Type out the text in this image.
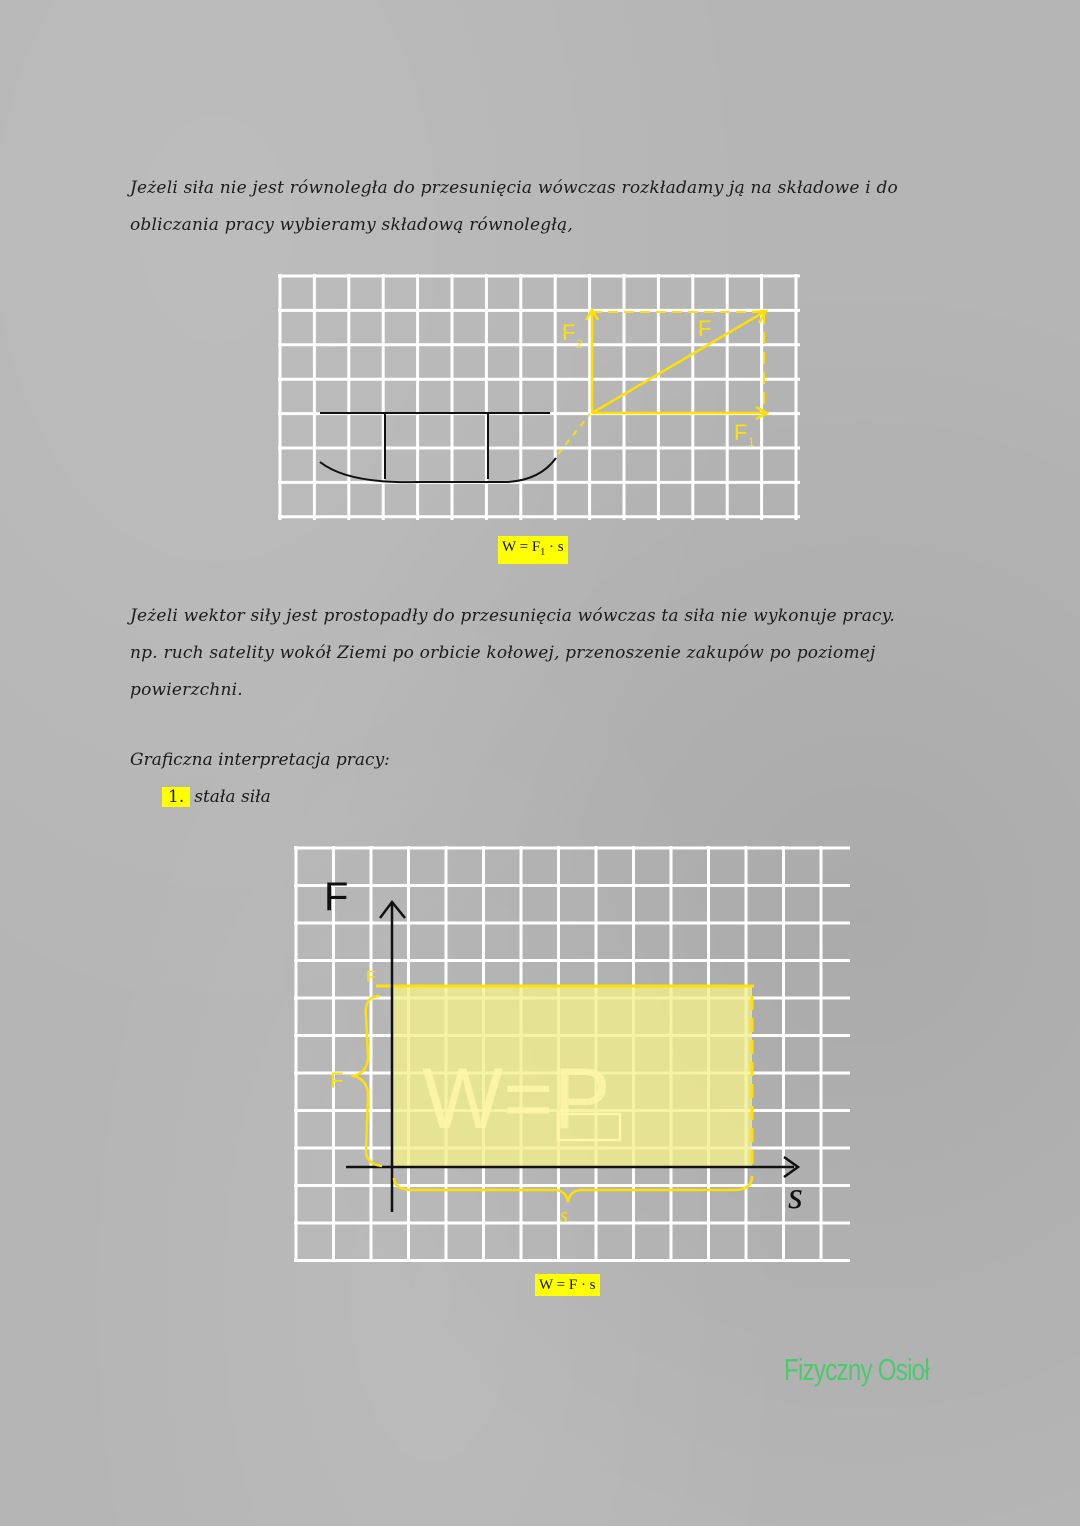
Jeżeli siła nie jest równoległa do przesunięcia wówczas rozkładamy ją na składowe i do

obliczania pracy wybieramy składową równoległą,

F 2
F
F 1
$W = F_1 \cdot s$

Jeżeli wektor siły jest prostopadły do przesunięcia wówczas ta siła nie wykonuje pracy.

np. ruch satelity wokół Ziemi po orbicie kołowej, przenoszenie zakupów po poziomej

powierzchni.

Graficzna interpretacja pracy:
1. stała siła
W=P
F
s
F
F
s
W = F · s
Fizyczny Osioł
